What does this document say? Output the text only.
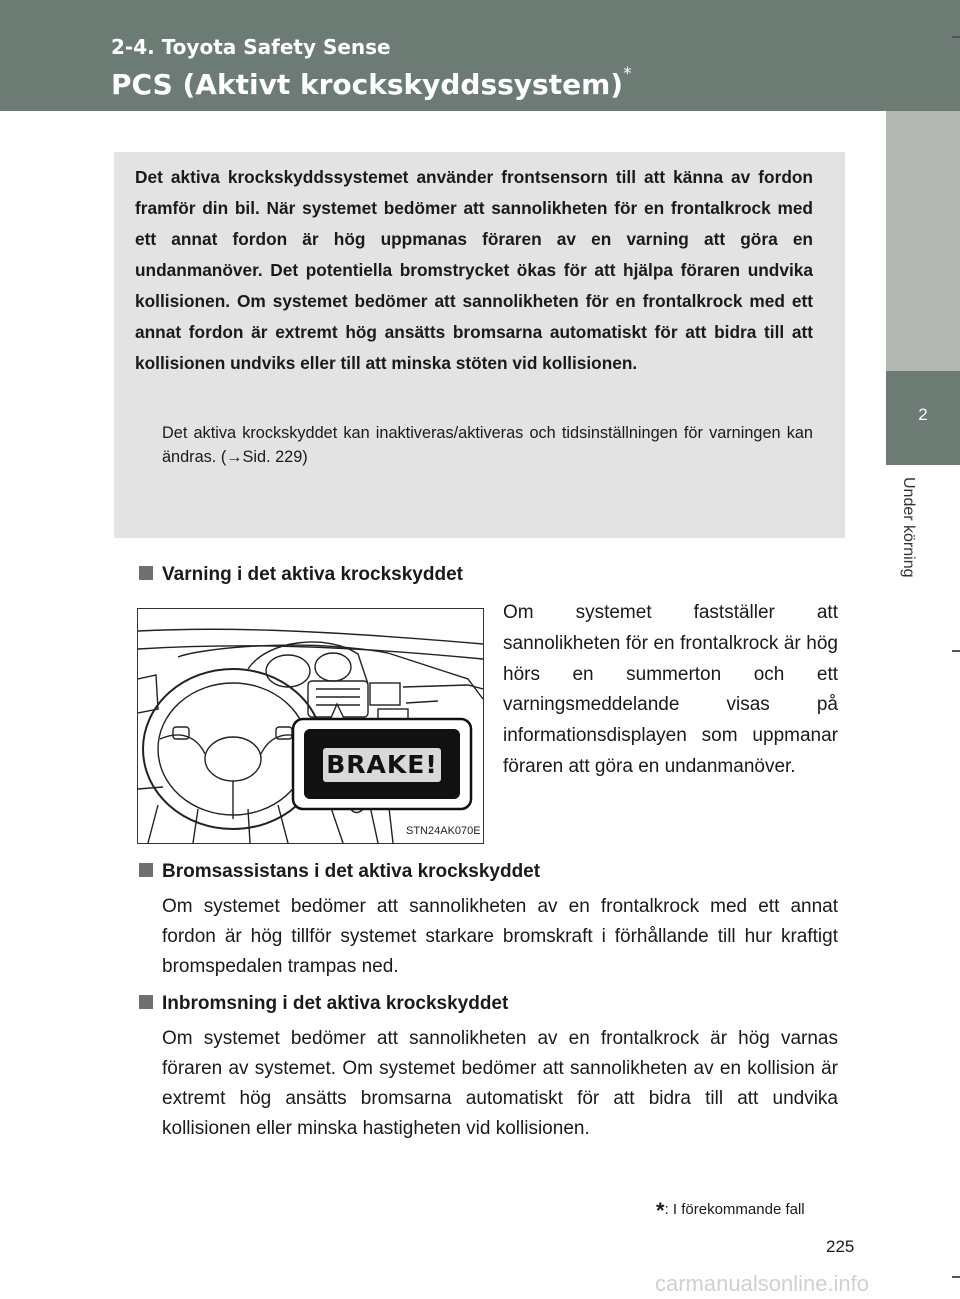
2-4. Toyota Safety Sense
PCS (Aktivt krockskyddssystem)*
2
Under körning
Det aktiva krockskyddssystemet använder frontsensorn till att känna av fordon framför din bil. När systemet bedömer att sannolikheten för en frontalkrock med ett annat fordon är hög uppmanas föraren av en varning att göra en undanmanöver. Det potentiella bromstrycket ökas för att hjälpa föraren undvika kollisionen. Om systemet bedömer att sannolikheten för en frontalkrock med ett annat fordon är extremt hög ansätts bromsarna automatiskt för att bidra till att kollisionen undviks eller till att minska stöten vid kollisionen.
Det aktiva krockskyddet kan inaktiveras/aktiveras och tidsinställningen för varningen kan ändras. (→Sid. 229)
Varning i det aktiva krockskyddet
Om systemet fastställer att sannolikheten för en frontalkrock är hög hörs en summerton och ett varningsmeddelande visas på informationsdisplayen som uppmanar föraren att göra en undanmanöver.
BRAKE!
STN24AK070E
Bromsassistans i det aktiva krockskyddet
Om systemet bedömer att sannolikheten av en frontalkrock med ett annat fordon är hög tillför systemet starkare bromskraft i förhållande till hur kraftigt bromspedalen trampas ned.
Inbromsning i det aktiva krockskyddet
Om systemet bedömer att sannolikheten av en frontalkrock är hög varnas föraren av systemet. Om systemet bedömer att sannolikheten av en kollision är extremt hög ansätts bromsarna automatiskt för att bidra till att undvika kollisionen eller minska hastigheten vid kollisionen.
*: I förekommande fall
225
carmanualsonline.info
